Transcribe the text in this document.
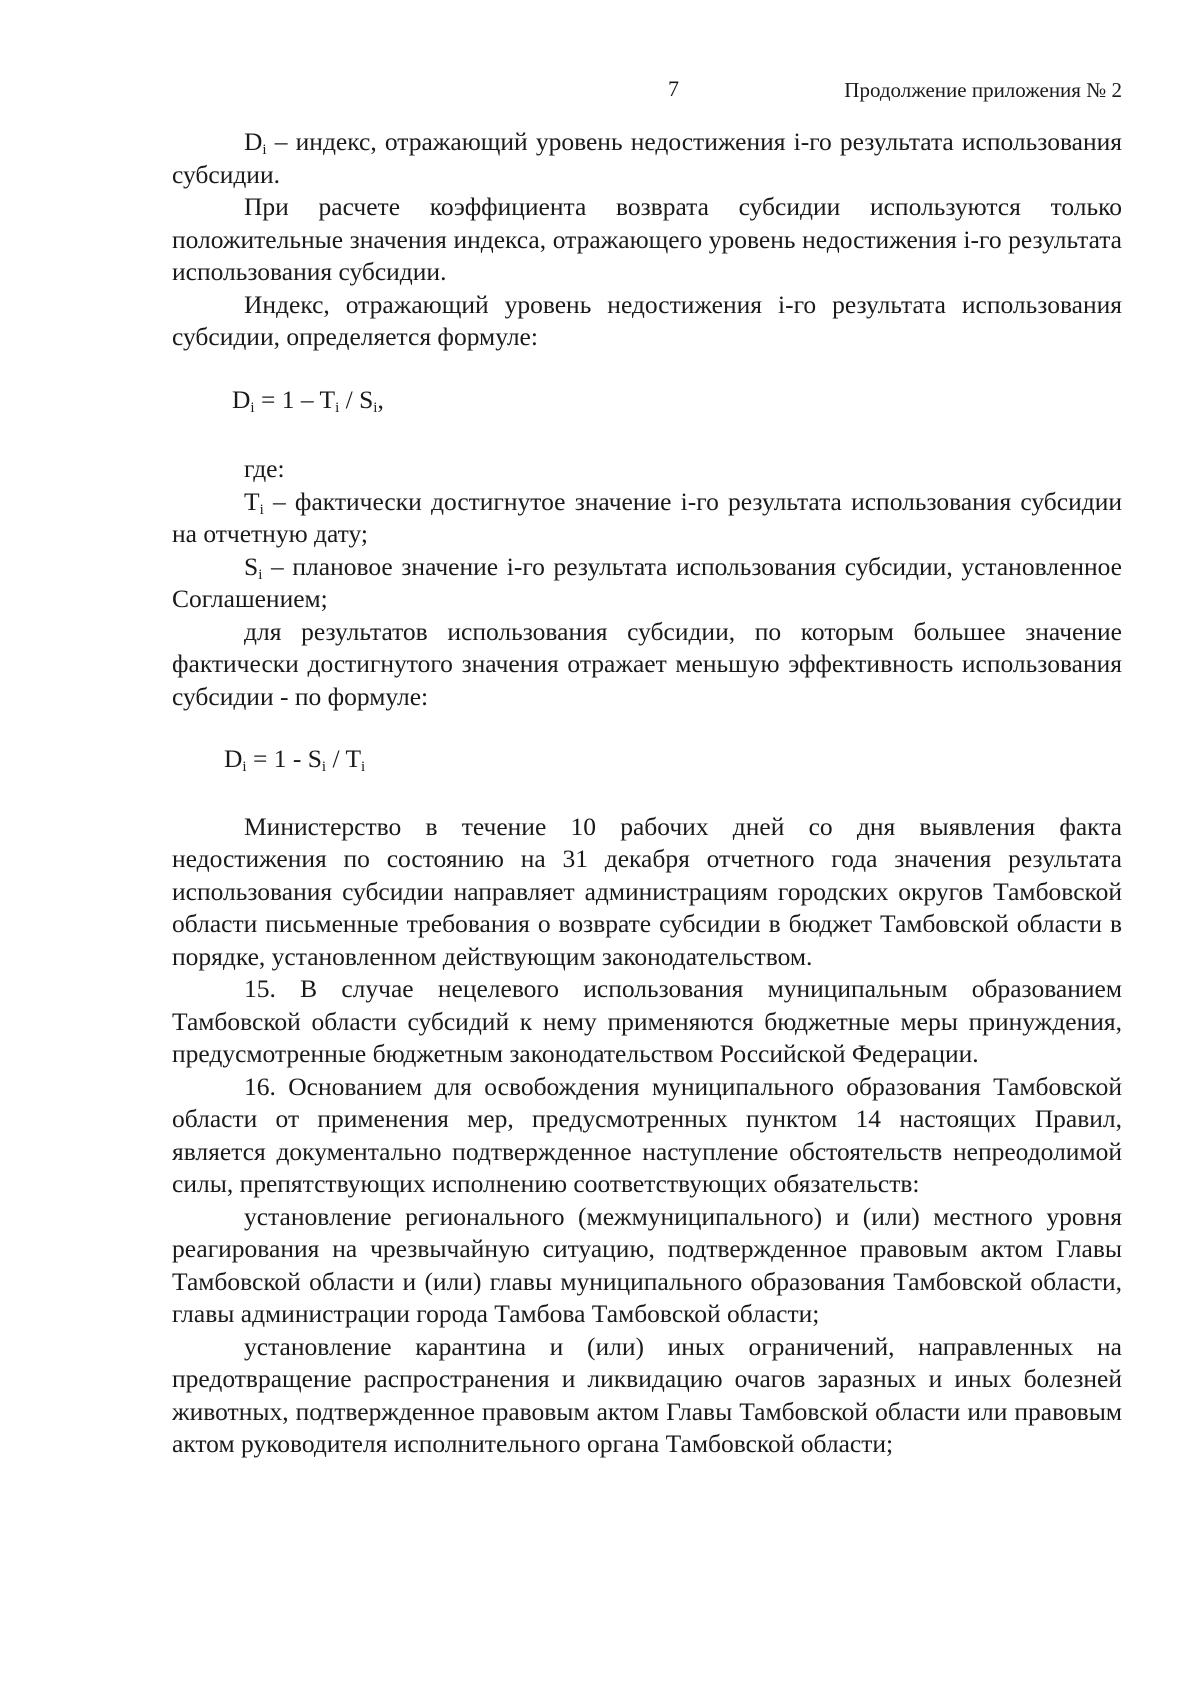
7	Продолжение приложения № 2

$D_i$ – индекс, отражающий уровень недостижения i-го результата использования субсидии.

При расчете коэффициента возврата субсидии используются только положительные значения индекса, отражающего уровень недостижения i-го результата использования субсидии.

Индекс, отражающий уровень недостижения i-го результата использования субсидии, определяется формуле:

$D_i = 1 - T_i / S_i$,

где:

$T_i$ – фактически достигнутое значение i-го результата использования субсидии на отчетную дату;

$S_i$ – плановое значение i-го результата использования субсидии, установленное Соглашением;

для результатов использования субсидии, по которым большее значение фактически достигнутого значения отражает меньшую эффективность использования субсидии - по формуле:

$D_i = 1 - S_i / T_i$

Министерство в течение 10 рабочих дней со дня выявления факта недостижения по состоянию на 31 декабря отчетного года значения результата использования субсидии направляет администрациям городских округов Тамбовской области письменные требования о возврате субсидии в бюджет Тамбовской области в порядке, установленном действующим законодательством.

15. В случае нецелевого использования муниципальным образованием Тамбовской области субсидий к нему применяются бюджетные меры принуждения, предусмотренные бюджетным законодательством Российской Федерации.

16. Основанием для освобождения муниципального образования Тамбовской области от применения мер, предусмотренных пунктом 14 настоящих Правил, является документально подтвержденное наступление обстоятельств непреодолимой силы, препятствующих исполнению соответствующих обязательств:

установление регионального (межмуниципального) и (или) местного уровня реагирования на чрезвычайную ситуацию, подтвержденное правовым актом Главы Тамбовской области и (или) главы муниципального образования Тамбовской области, главы администрации города Тамбова Тамбовской области;

установление карантина и (или) иных ограничений, направленных на предотвращение распространения и ликвидацию очагов заразных и иных болезней животных, подтвержденное правовым актом Главы Тамбовской области или правовым актом руководителя исполнительного органа Тамбовской области;
